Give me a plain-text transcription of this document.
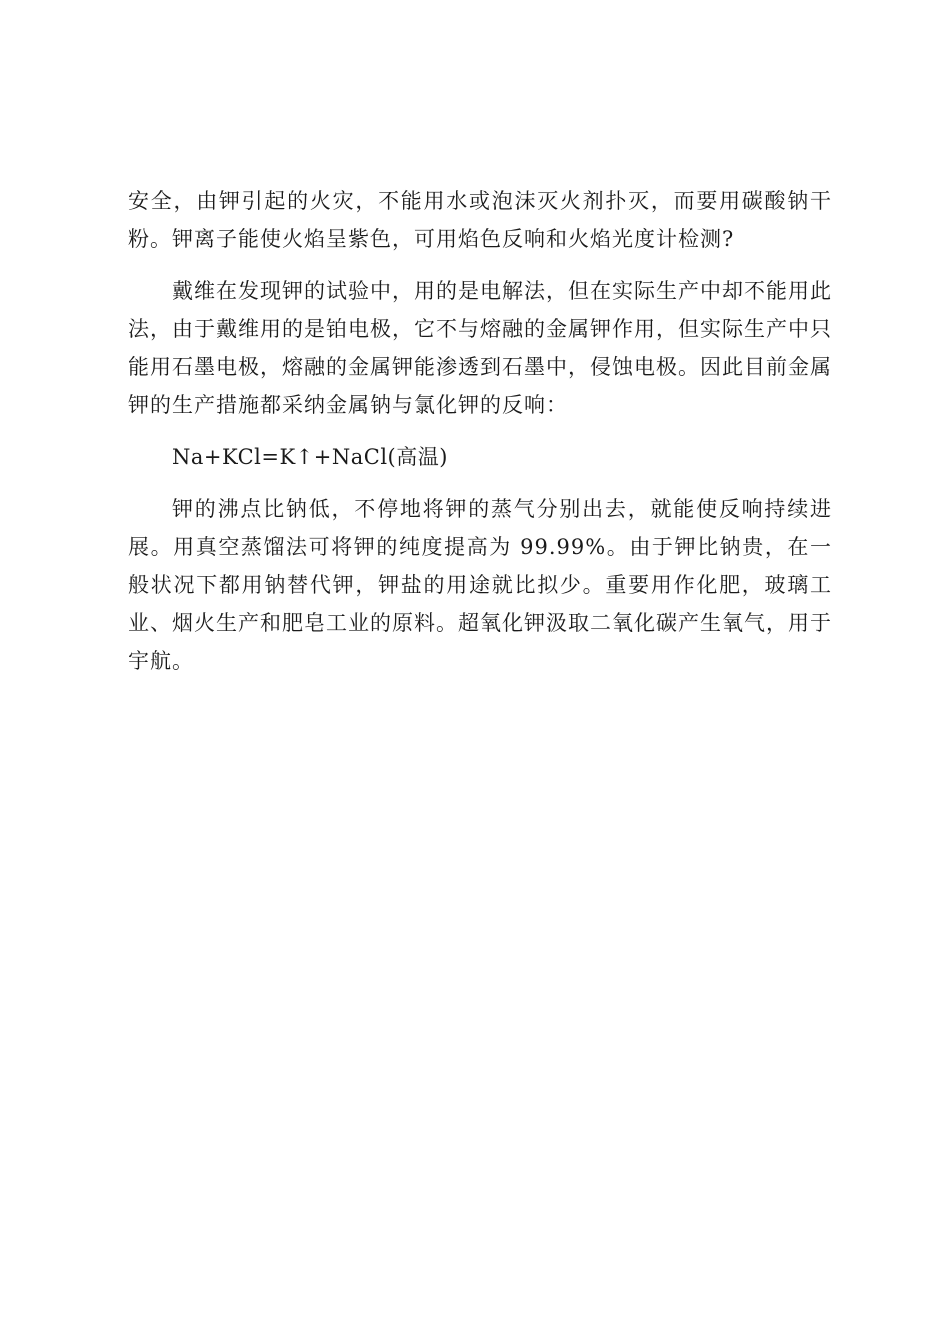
安全，由钾引起的火灾，不能用水或泡沫灭火剂扑灭，而要用碳酸钠干粉。钾离子能使火焰呈紫色，可用焰色反响和火焰光度计检测?

戴维在发现钾的试验中，用的是电解法，但在实际生产中却不能用此法，由于戴维用的是铂电极，它不与熔融的金属钾作用，但实际生产中只能用石墨电极，熔融的金属钾能渗透到石墨中，侵蚀电极。因此目前金属钾的生产措施都采纳金属钠与氯化钾的反响：

Na+KCl=K↑+NaCl(高温)

钾的沸点比钠低，不停地将钾的蒸气分别出去，就能使反响持续进展。用真空蒸馏法可将钾的纯度提高为 99.99%。由于钾比钠贵，在一般状况下都用钠替代钾，钾盐的用途就比拟少。重要用作化肥，玻璃工业、烟火生产和肥皂工业的原料。超氧化钾汲取二氧化碳产生氧气，用于宇航。
